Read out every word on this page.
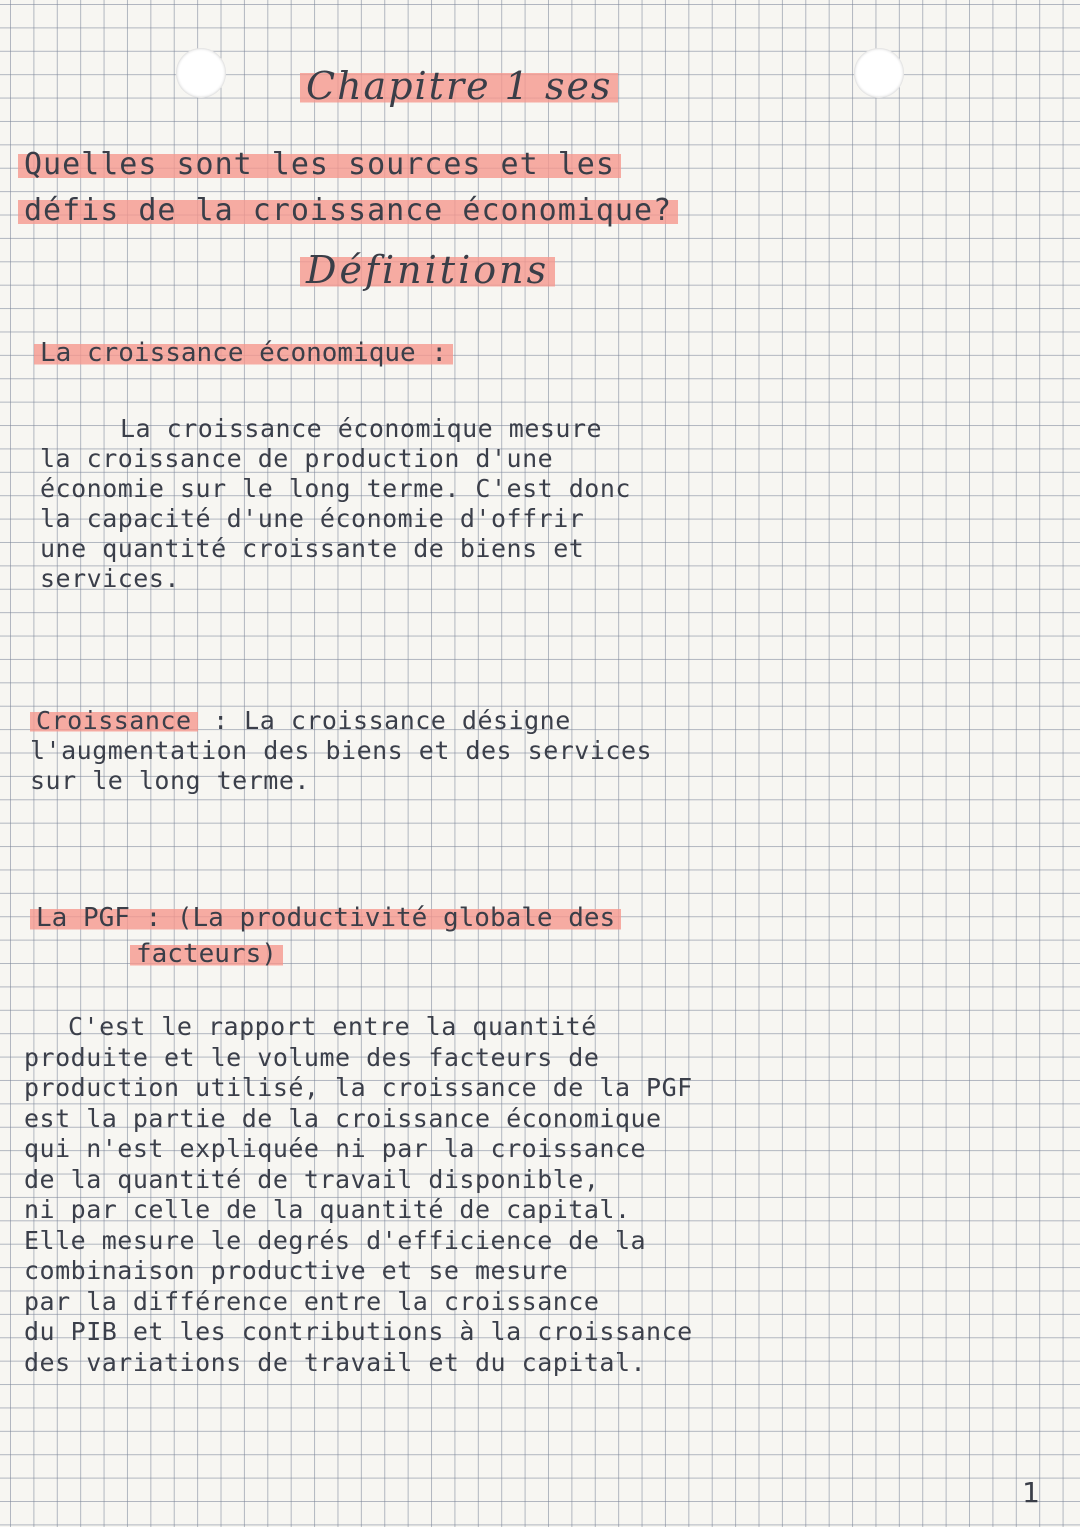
Chapitre 1 ses
Quelles sont les sources et les
défis de la croissance économique?
Définitions
La croissance économique :
La croissance économique mesure
la croissance de production d'une
économie sur le long terme. C'est donc
la capacité d'une économie d'offrir
une quantité croissante de biens et
services.
Croissance : La croissance désigne
l'augmentation des biens et des services
sur le long terme.
La PGF : (La productivité globale des
facteurs)
C'est le rapport entre la quantité
produite et le volume des facteurs de
production utilisé, la croissance de la PGF
est la partie de la croissance économique
qui n'est expliquée ni par la croissance
de la quantité de travail disponible,
ni par celle de la quantité de capital.
Elle mesure le degrés d'efficience de la
combinaison productive et se mesure
par la différence entre la croissance
du PIB et les contributions à la croissance
des variations de travail et du capital.
1
